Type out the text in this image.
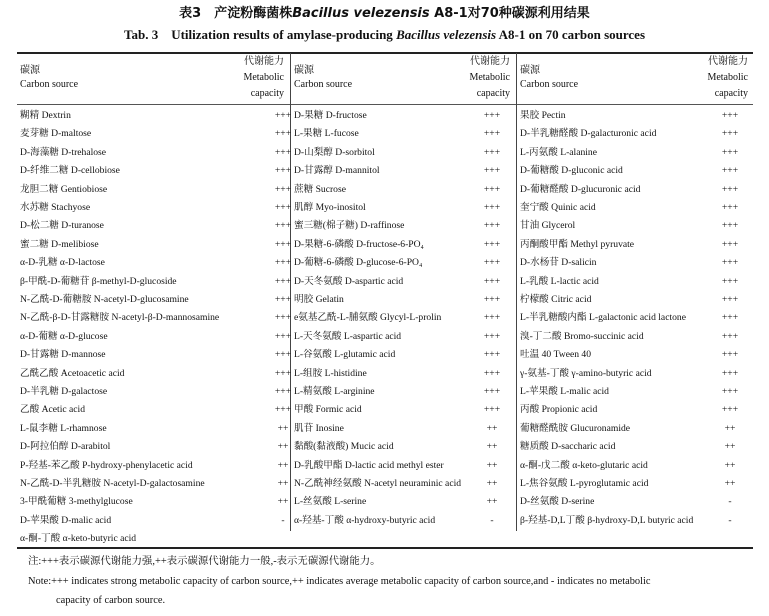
表3　产淀粉酶菌株Bacillus velezensis A8-1对70种碳源利用结果
Tab. 3　Utilization results of amylase-producing Bacillus velezensis A8-1 on 70 carbon sources
碳源
Carbon source
代谢能力
Metabolic
capacity
碳源
Carbon source
代谢能力
Metabolic
capacity
碳源
Carbon source
代谢能力
Metabolic
capacity
糊精 Dextrin	+++
麦芽糖 D-maltose	+++
D-海藻糖 D-trehalose	+++
D-纤维二糖 D-cellobiose	+++
龙胆二糖 Gentiobiose	+++
水苏糖 Stachyose	+++
D-松二糖 D-turanose	+++
蜜二糖 D-melibiose	+++
α-D-乳糖 α-D-lactose	+++
β-甲酰-D-葡糖苷 β-methyl-D-glucoside	+++
N-乙酰-D-葡糖胺 N-acetyl-D-glucosamine	+++
N-乙酰-β-D-甘露糖胺 N-acetyl-β-D-mannosamine	+++
α-D-葡糖 α-D-glucose	+++
D-甘露糖 D-mannose	+++
乙酰乙酸 Acetoacetic acid	+++
D-半乳糖 D-galactose	+++
乙酸 Acetic acid	+++
L-鼠李糖 L-rhamnose	++
D-阿拉伯醇 D-arabitol	++
P-羟基-苯乙酸 P-hydroxy-phenylacetic acid	++
N-乙酰-D-半乳糖胺 N-acetyl-D-galactosamine	++
3-甲酰葡糖 3-methylglucose	++
D-苹果酸 D-malic acid	-
α-酮-丁酸 α-keto-butyric acid
D-果糖 D-fructose	+++
L-果糖 L-fucose	+++
D-山梨醇 D-sorbitol	+++
D-甘露醇 D-mannitol	+++
蔗糖 Sucrose	+++
肌醇 Myo-inositol	+++
蜜三糖(棉子糖) D-raffinose	+++
D-果糖-6-磷酸 D-fructose-6-PO₄	+++
D-葡糖-6-磷酸 D-glucose-6-PO₄	+++
D-天冬氨酸 D-aspartic acid	+++
明胶 Gelatin	+++
e氨基乙酰-L-脯氨酸 Glycyl-L-prolin	+++
L-天冬氨酸 L-aspartic acid	+++
L-谷氨酸 L-glutamic acid	+++
L-组胺 L-histidine	+++
L-精氨酸 L-arginine	+++
甲酸 Formic acid	+++
肌苷 Inosine	++
黏酸(黏液酸) Mucic acid	++
D-乳酸甲酯 D-lactic acid methyl ester	++
N-乙酰神经氨酸 N-acetyl neuraminic acid	++
L-丝氨酸 L-serine	++
α-羟基-丁酸 α-hydroxy-butyric acid	-
果胶 Pectin	+++
D-半乳糖醛酸 D-galacturonic acid	+++
L-丙氨酸 L-alanine	+++
D-葡糖酸 D-gluconic acid	+++
D-葡糖醛酸 D-glucuronic acid	+++
奎宁酸 Quinic acid	+++
甘油 Glycerol	+++
丙酮酸甲酯 Methyl pyruvate	+++
D-水杨苷 D-salicin	+++
L-乳酸 L-lactic acid	+++
柠檬酸 Citric acid	+++
L-半乳糖酸内酯 L-galactonic acid lactone	+++
溴-丁二酸 Bromo-succinic acid	+++
吐温 40 Tween 40	+++
γ-氨基-丁酸 γ-amino-butyric acid	+++
L-苹果酸 L-malic acid	+++
丙酸 Propionic acid	+++
葡糖醛酰胺 Glucuronamide	++
糖质酸 D-saccharic acid	++
α-酮-戊二酸 α-keto-glutaric acid	++
L-焦谷氨酸 L-pyroglutamic acid	++
D-丝氨酸 D-serine	-
β-羟基-D,L丁酸 β-hydroxy-D,L butyric acid	-
注:+++表示碳源代谢能力强,++表示碳源代谢能力一般,-表示无碳源代谢能力。
Note:+++ indicates strong metabolic capacity of carbon source,++ indicates average metabolic capacity of carbon source,and - indicates no metabolic
capacity of carbon source.
